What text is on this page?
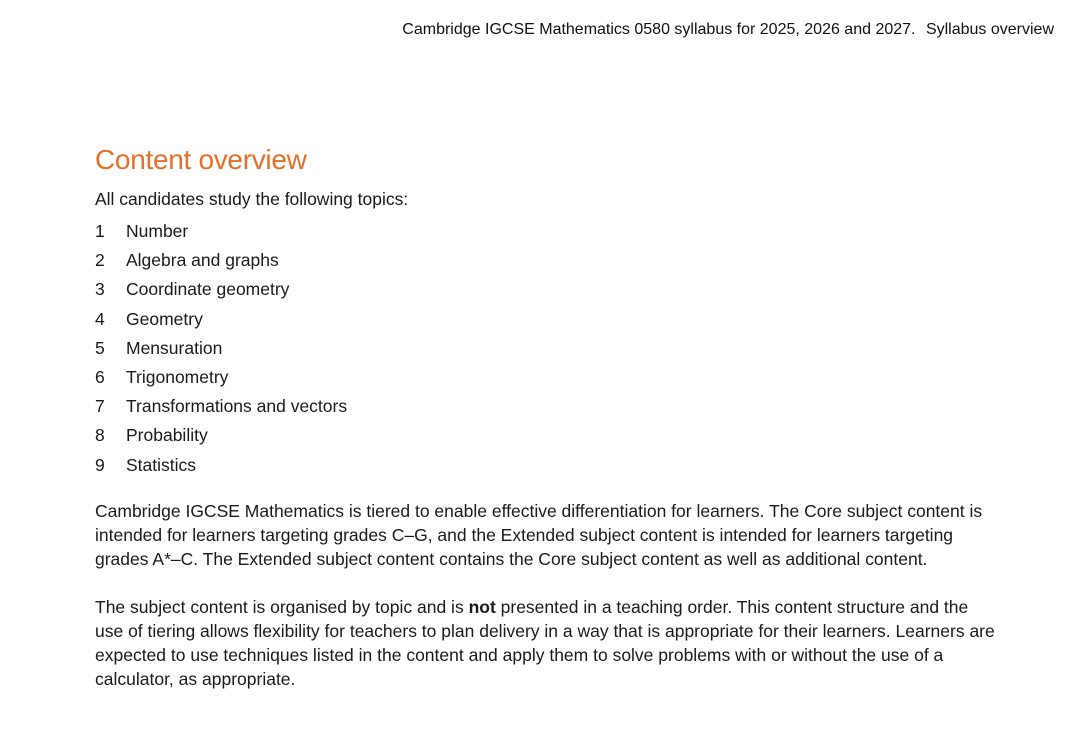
Cambridge IGCSE Mathematics 0580 syllabus for 2025, 2026 and 2027. Syllabus overview
Content overview

All candidates study the following topics:

1	Number
2	Algebra and graphs
3	Coordinate geometry
4	Geometry
5	Mensuration
6	Trigonometry
7	Transformations and vectors
8	Probability
9	Statistics

Cambridge IGCSE Mathematics is tiered to enable effective differentiation for learners. The Core subject content is intended for learners targeting grades C–G, and the Extended subject content is intended for learners targeting grades A*–C. The Extended subject content contains the Core subject content as well as additional content.

The subject content is organised by topic and is not presented in a teaching order. This content structure and the use of tiering allows flexibility for teachers to plan delivery in a way that is appropriate for their learners. Learners are expected to use techniques listed in the content and apply them to solve problems with or without the use of a calculator, as appropriate.
